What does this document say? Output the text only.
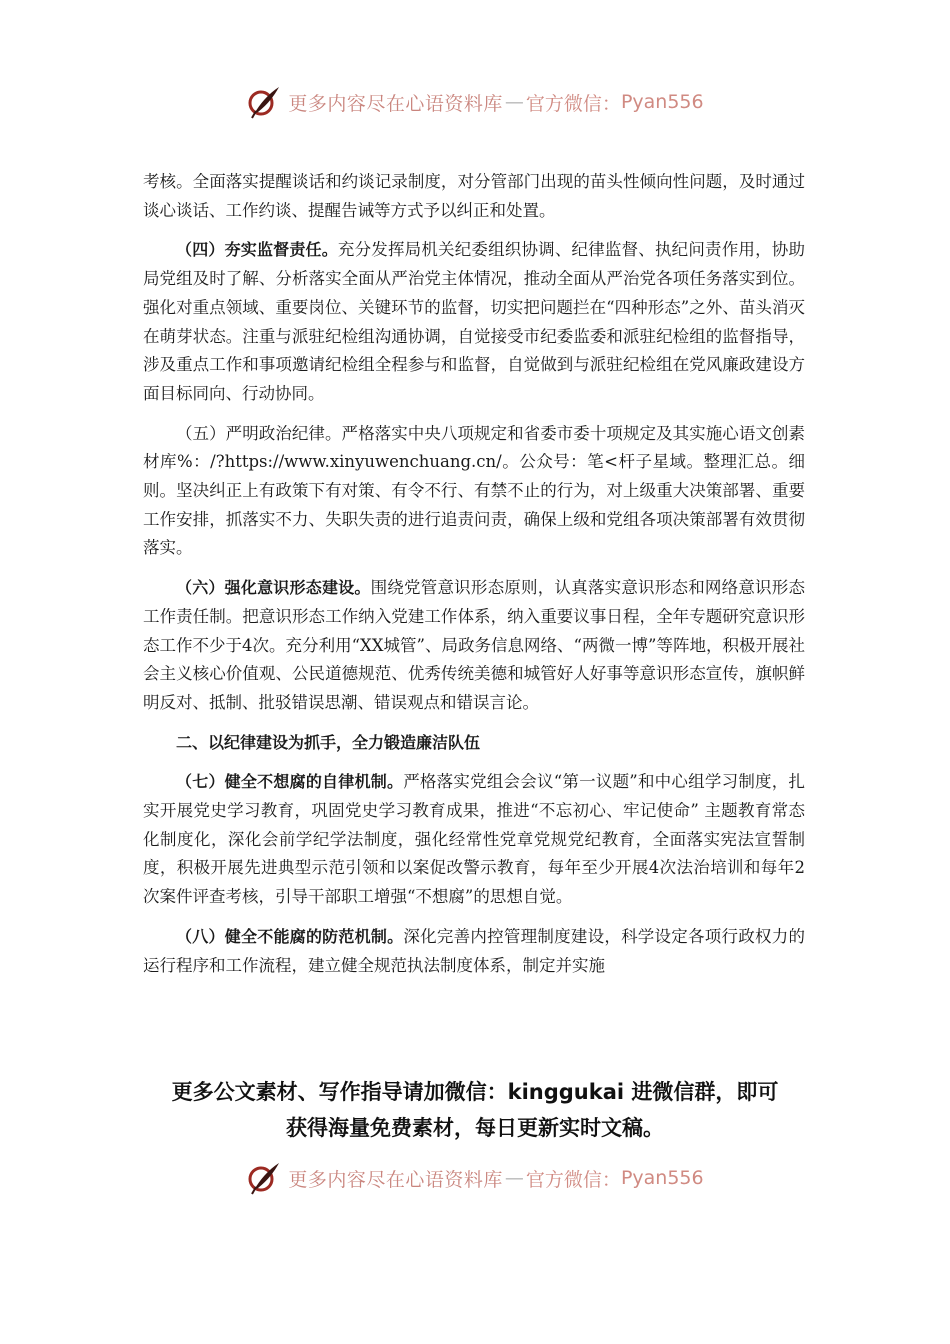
更多内容尽在心语资料库 — 官方微信： Pyan556

考核。全面落实提醒谈话和约谈记录制度，对分管部门出现的苗头性倾向性问题，及时通过谈心谈话、工作约谈、提醒告诫等方式予以纠正和处置。

（四）夯实监督责任。充分发挥局机关纪委组织协调、纪律监督、执纪问责作用，协助局党组及时了解、分析落实全面从严治党主体情况，推动全面从严治党各项任务落实到位。强化对重点领域、重要岗位、关键环节的监督，切实把问题拦在“四种形态”之外、苗头消灭在萌芽状态。注重与派驻纪检组沟通协调，自觉接受市纪委监委和派驻纪检组的监督指导，涉及重点工作和事项邀请纪检组全程参与和监督，自觉做到与派驻纪检组在党风廉政建设方面目标同向、行动协同。

（五）严明政治纪律。严格落实中央八项规定和省委市委十项规定及其实施心语文创素材库%：/?https://www.xinyuwenchuang.cn/。公众号：笔<杆子星域。整理汇总。细则。坚决纠正上有政策下有对策、有令不行、有禁不止的行为，对上级重大决策部署、重要工作安排，抓落实不力、失职失责的进行追责问责，确保上级和党组各项决策部署有效贯彻落实。

（六）强化意识形态建设。围绕党管意识形态原则，认真落实意识形态和网络意识形态工作责任制。把意识形态工作纳入党建工作体系，纳入重要议事日程，全年专题研究意识形态工作不少于4次。充分利用“XX城管”、局政务信息网络、“两微一博”等阵地，积极开展社会主义核心价值观、公民道德规范、优秀传统美德和城管好人好事等意识形态宣传，旗帜鲜明反对、抵制、批驳错误思潮、错误观点和错误言论。

二、以纪律建设为抓手，全力锻造廉洁队伍

（七）健全不想腐的自律机制。严格落实党组会会议“第一议题”和中心组学习制度，扎实开展党史学习教育，巩固党史学习教育成果，推进“不忘初心、牢记使命” 主题教育常态化制度化，深化会前学纪学法制度，强化经常性党章党规党纪教育，全面落实宪法宣誓制度，积极开展先进典型示范引领和以案促改警示教育，每年至少开展4次法治培训和每年2次案件评查考核，引导干部职工增强“不想腐”的思想自觉。

（八）健全不能腐的防范机制。深化完善内控管理制度建设，科学设定各项行政权力的运行程序和工作流程，建立健全规范执法制度体系，制定并实施

更多公文素材、写作指导请加微信：kinggukai 进微信群，即可
获得海量免费素材，每日更新实时文稿。
更多内容尽在心语资料库 — 官方微信： Pyan556
